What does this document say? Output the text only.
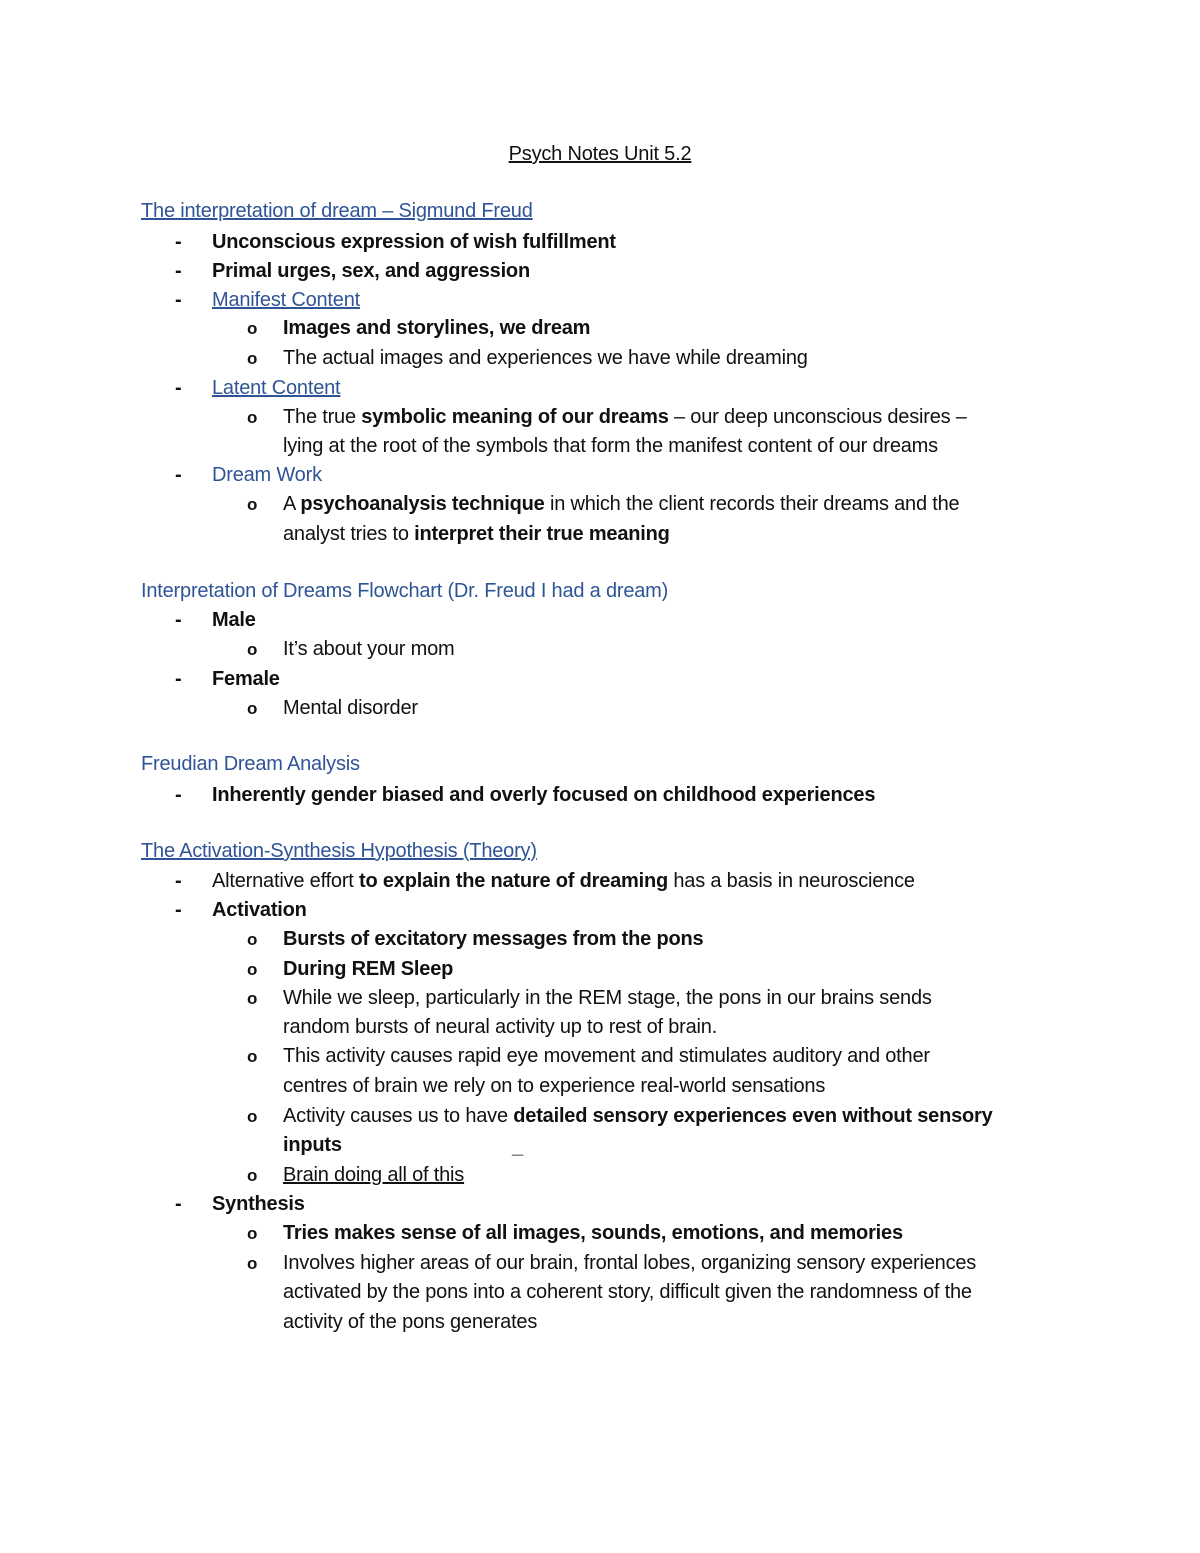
Psych Notes Unit 5.2
The interpretation of dream – Sigmund Freud
- Unconscious expression of wish fulfillment
- Primal urges, sex, and aggression
- Manifest Content
o Images and storylines, we dream
o The actual images and experiences we have while dreaming
- Latent Content
o The true symbolic meaning of our dreams – our deep unconscious desires –
lying at the root of the symbols that form the manifest content of our dreams
- Dream Work
o A psychoanalysis technique in which the client records their dreams and the
analyst tries to interpret their true meaning
Interpretation of Dreams Flowchart (Dr. Freud I had a dream)
- Male
o It’s about your mom
- Female
o Mental disorder
Freudian Dream Analysis
- Inherently gender biased and overly focused on childhood experiences
The Activation-Synthesis Hypothesis (Theory)
- Alternative effort to explain the nature of dreaming has a basis in neuroscience
- Activation
o Bursts of excitatory messages from the pons
o During REM Sleep
o While we sleep, particularly in the REM stage, the pons in our brains sends
random bursts of neural activity up to rest of brain.
o This activity causes rapid eye movement and stimulates auditory and other
centres of brain we rely on to experience real-world sensations
o Activity causes us to have detailed sensory experiences even without sensory
inputs	_
o Brain doing all of this
- Synthesis
o Tries makes sense of all images, sounds, emotions, and memories
o Involves higher areas of our brain, frontal lobes, organizing sensory experiences
activated by the pons into a coherent story, difficult given the randomness of the
activity of the pons generates
